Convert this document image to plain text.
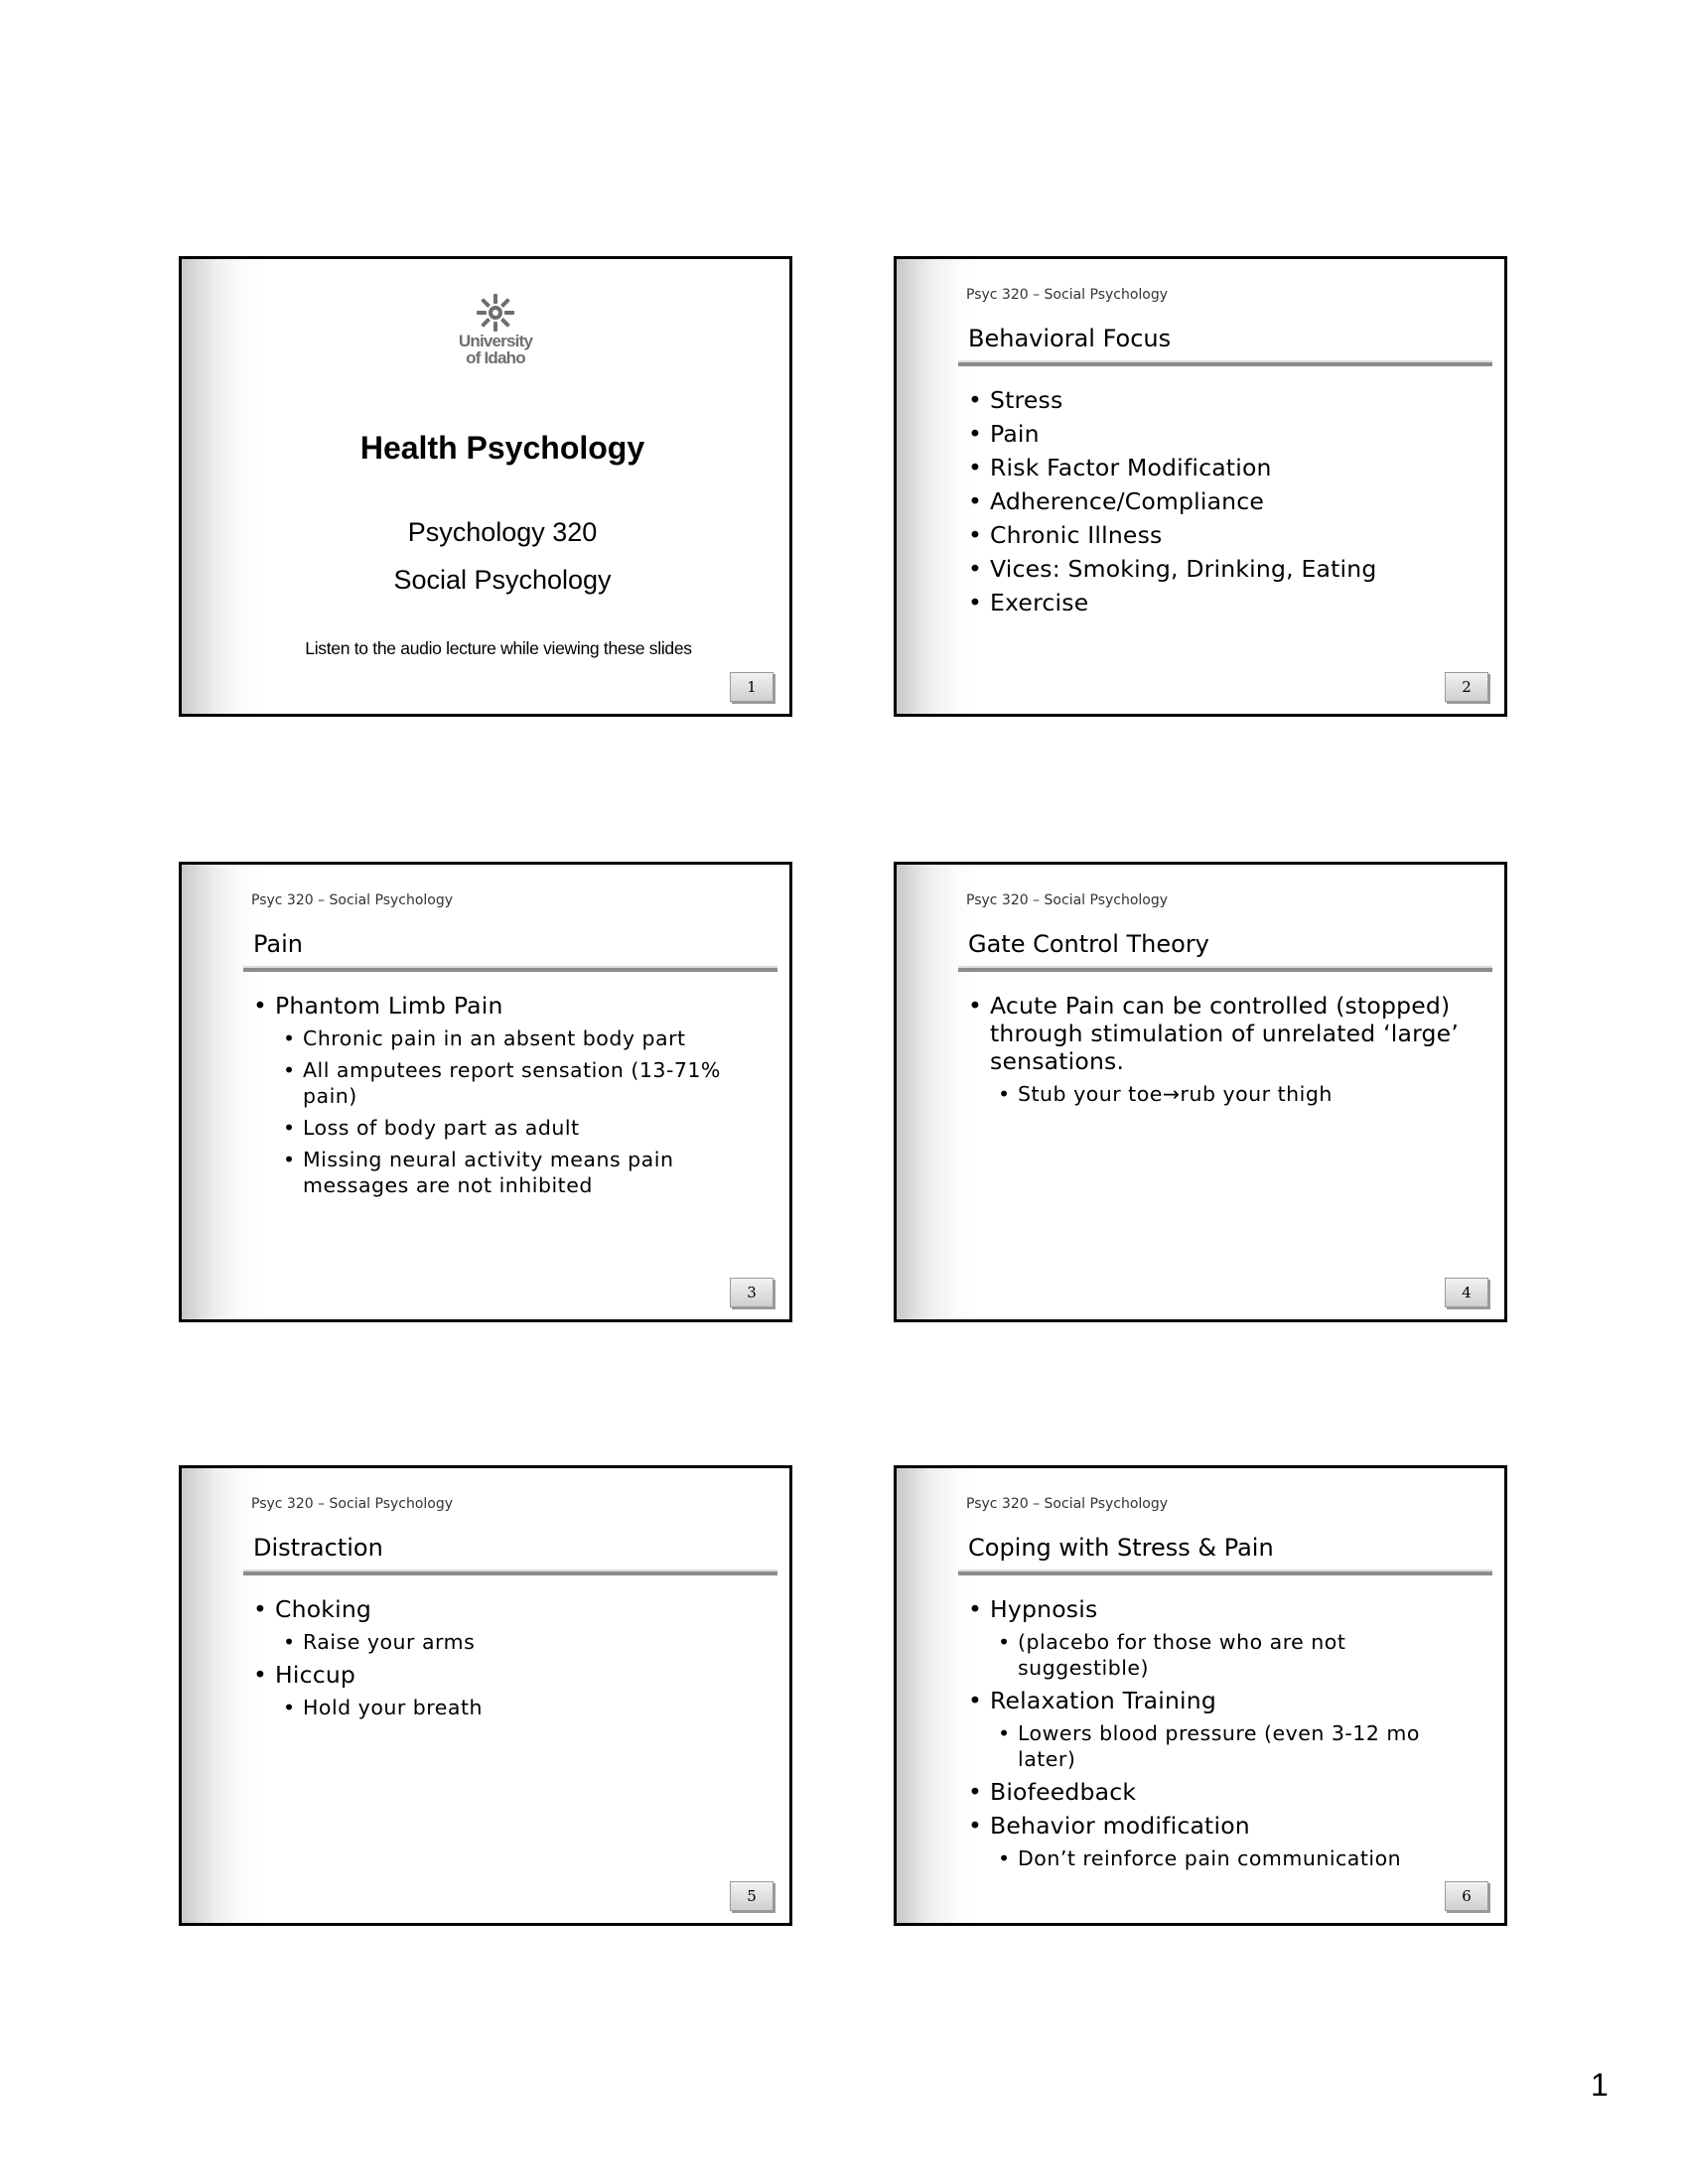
University
of Idaho
Health Psychology
Psychology 320
Social Psychology
Listen to the audio lecture while viewing these slides
1
Psyc 320 – Social Psychology
Behavioral Focus
• Stress
• Pain
• Risk Factor Modification
• Adherence/Compliance
• Chronic Illness
• Vices: Smoking, Drinking, Eating
• Exercise
2
Psyc 320 – Social Psychology
Pain
• Phantom Limb Pain
• Chronic pain in an absent body part
• All amputees report sensation (13-71% pain)
• Loss of body part as adult
• Missing neural activity means pain messages are not inhibited
3
Psyc 320 – Social Psychology
Gate Control Theory
• Acute Pain can be controlled (stopped) through stimulation of unrelated ‘large’ sensations.
• Stub your toe→rub your thigh
4
Psyc 320 – Social Psychology
Distraction
• Choking
• Raise your arms
• Hiccup
• Hold your breath
5
Psyc 320 – Social Psychology
Coping with Stress & Pain
• Hypnosis
• (placebo for those who are not suggestible)
• Relaxation Training
• Lowers blood pressure (even 3-12 mo later)
• Biofeedback
• Behavior modification
• Don’t reinforce pain communication
6
1
